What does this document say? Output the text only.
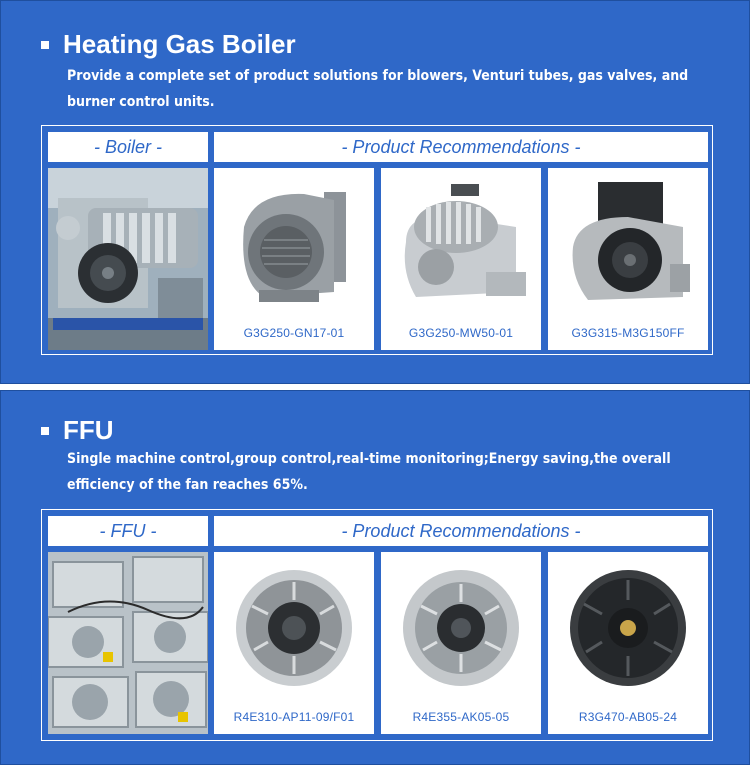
Heating Gas Boiler
Provide a complete set of product solutions for blowers, Venturi tubes, gas valves, and burner control units.
- Boiler -	- Product Recommendations -
G3G250-GN17-01	G3G250-MW50-01	G3G315-M3G150FF
FFU
Single machine control,group control,real-time monitoring;Energy saving,the overall efficiency of the fan reaches 65%.
- FFU -	- Product Recommendations -
R4E310-AP11-09/F01	R4E355-AK05-05	R3G470-AB05-24
